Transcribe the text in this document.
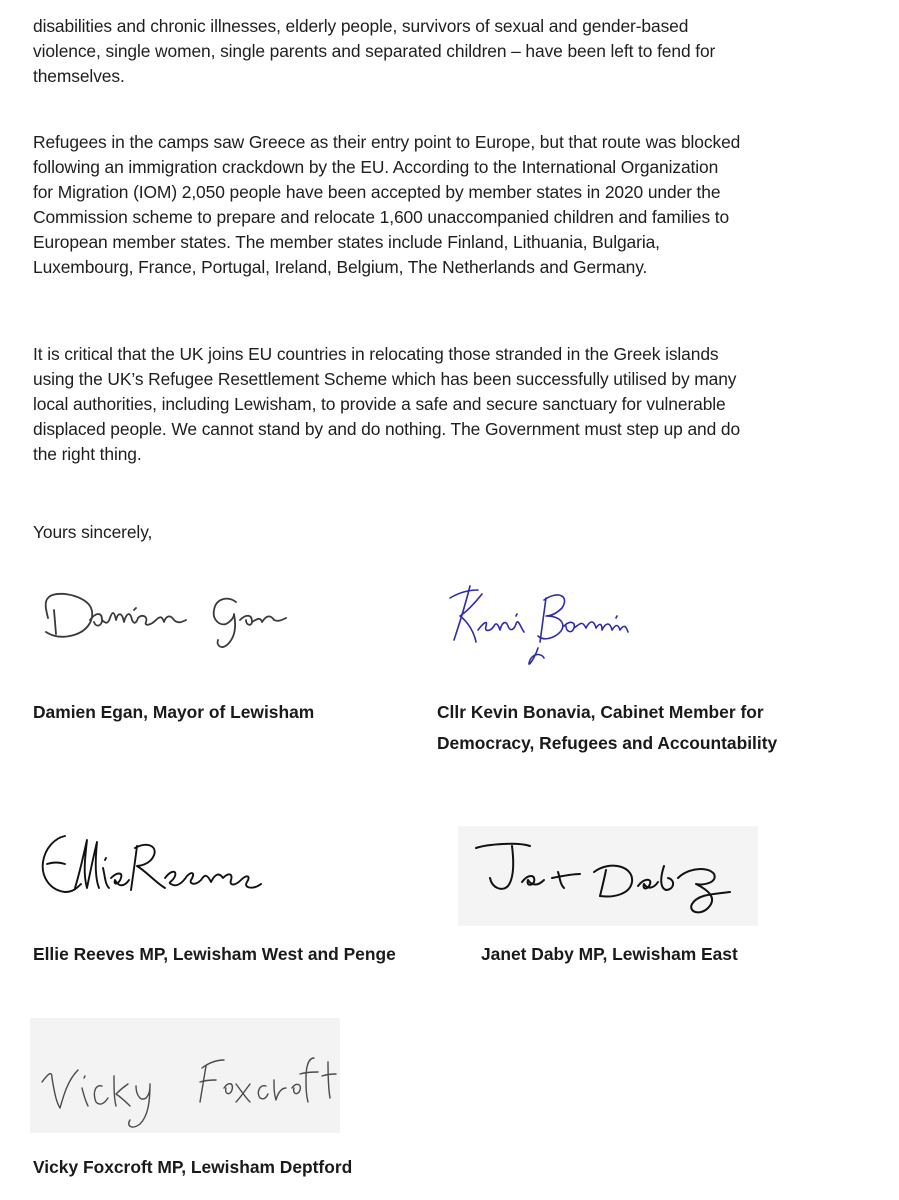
disabilities and chronic illnesses, elderly people, survivors of sexual and gender-based
violence, single women, single parents and separated children – have been left to fend for
themselves.
Refugees in the camps saw Greece as their entry point to Europe, but that route was blocked
following an immigration crackdown by the EU. According to the International Organization
for Migration (IOM) 2,050 people have been accepted by member states in 2020 under the
Commission scheme to prepare and relocate 1,600 unaccompanied children and families to
European member states. The member states include Finland, Lithuania, Bulgaria,
Luxembourg, France, Portugal, Ireland, Belgium, The Netherlands and Germany.
It is critical that the UK joins EU countries in relocating those stranded in the Greek islands
using the UK’s Refugee Resettlement Scheme which has been successfully utilised by many
local authorities, including Lewisham, to provide a safe and secure sanctuary for vulnerable
displaced people. We cannot stand by and do nothing. The Government must step up and do
the right thing.
Yours sincerely,
Damien Egan, Mayor of Lewisham	Cllr Kevin Bonavia, Cabinet Member for
Democracy, Refugees and Accountability
Ellie Reeves MP, Lewisham West and Penge	Janet Daby MP, Lewisham East
Vicky Foxcroft MP, Lewisham Deptford
